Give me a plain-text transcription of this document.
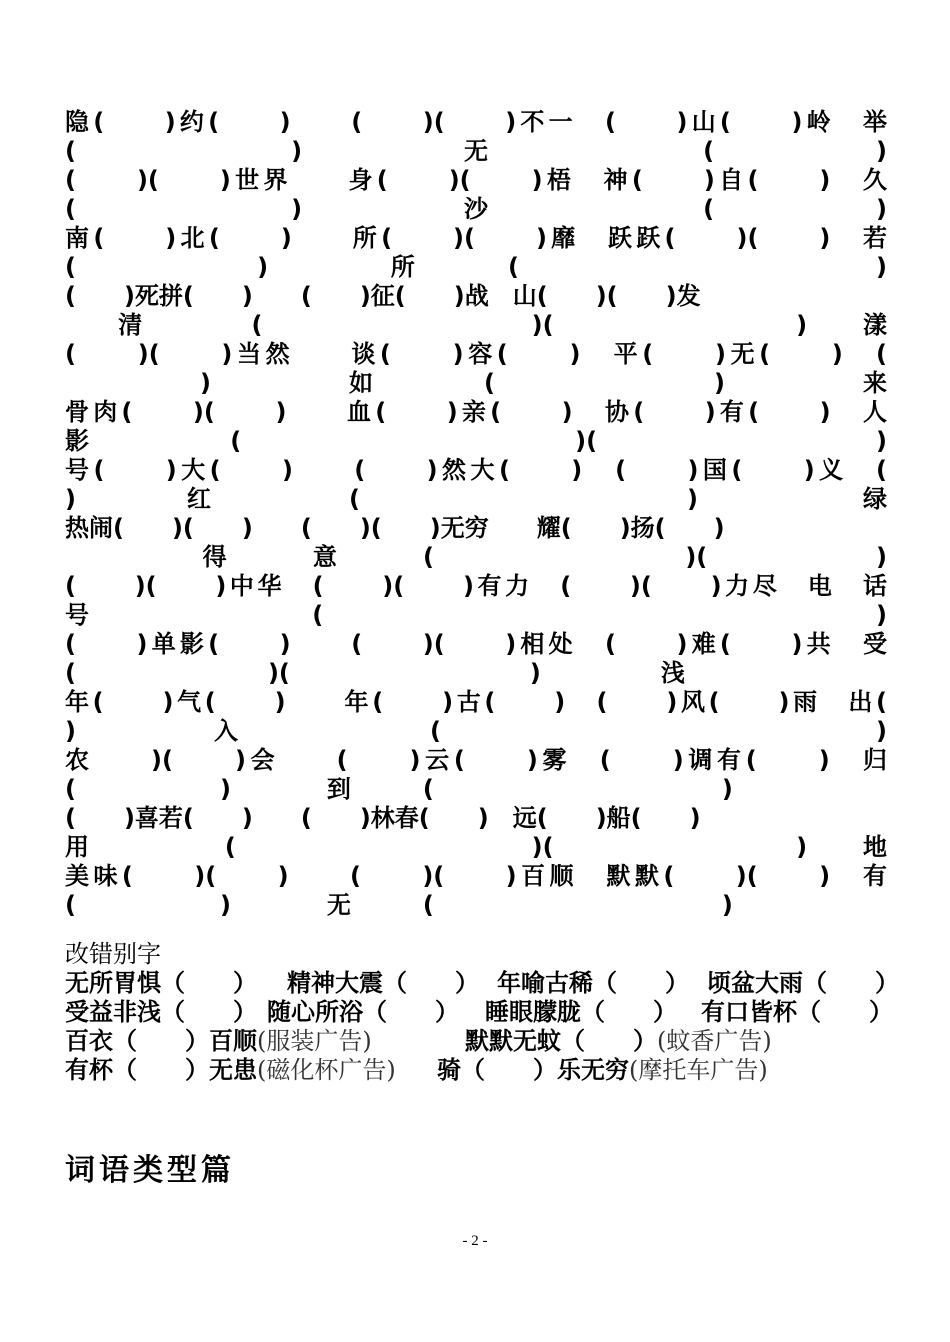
隐(　　)约(　　)　　(　　)(　　)不一　(　　)山(　　)岭　举

(　　　　　　　　)　　　　　　无　　　　　　　　(　　　　　　)

(　　)(　　)世界　　身(　　)(　　)梧　神(　　)自(　　)　久

(　　　　　　　　)　　　　　　沙　　　　　　　　(　　　　　　)

南(　　)北(　　)　　所(　　)(　　)靡　跃跃(　　)(　　)　若

(　　　　　　)　　　　所　　　(　　　　　　　　　　　　)

(　　)死拼(　　)　　(　　)征(　　)战　山(　　)(　　)发

　　清　　　　(　　　　　　　　　　)(　　　　　　　　　)　　漾

(　　)(　　)当然　　谈(　　)容(　　)　平(　　)无(　　)　(

　　　　　)　　　　　如　　　　(　　　　　　　　)　　　　　来

骨肉(　　)(　　)　　血(　　)亲(　　)　协(　　)有(　　)　人

影　　　　　(　　　　　　　　　　　　)(　　　　　　　　　　)

号(　　)大(　　)　　(　　)然大(　　)　(　　)国(　　)义　(

)　　　　红　　　　　(　　　　　　　　　　　　)　　　　　　绿

热闹(　　)(　　)　　(　　)(　　)无穷　　耀(　　)扬(　　)

　　　　　得　　　意　　　(　　　　　　　　　)(　　　　　　)

(　　)(　　)中华　(　　)(　　)有力　(　　)(　　)力尽　电　话

号　　　　　　　　(　　　　　　　　　　　　　　　　　　　　)

(　　)单影(　　)　　(　　)(　　)相处　(　　)难(　　)共　受

(　　　　　　　　)(　　　　　　　　　　)　　　　　浅

年(　　)气(　　)　　年(　　)古(　　)　(　　)风(　　)雨　出(

)　　　　　入　　　　　　　(　　　　　　　　　　　　　　　　)

农　　)(　　)会　　(　　)云(　　)雾　(　　)调有(　　)　归

(　　　　　　)　　　　到　　　(　　　　　　　　　　　　)

(　　)喜若(　　)　　(　　)林春(　　)　远(　　)船(　　)

用　　　　　(　　　　　　　　　　　)(　　　　　　　　　)　　地

美味(　　)(　　)　　(　　)(　　)百顺　默默(　　)(　　)　有

(　　　　　　)　　　　无　　　(　　　　　　　　　　　　)

改错别字

无所胃惧（　　） 精神大震（　　） 年喻古稀（　　） 顷盆大雨（　　）

受益非浅（　　） 随心所浴（　　） 睡眼朦胧（　　） 有口皆杯（　　）

百衣（　　）百顺(服装广告)	默默无蚊（　　）(蚊香广告)

有杯（　　）无患(磁化杯广告) 骑（　　）乐无穷(摩托车广告)

词语类型篇
- 2 -
